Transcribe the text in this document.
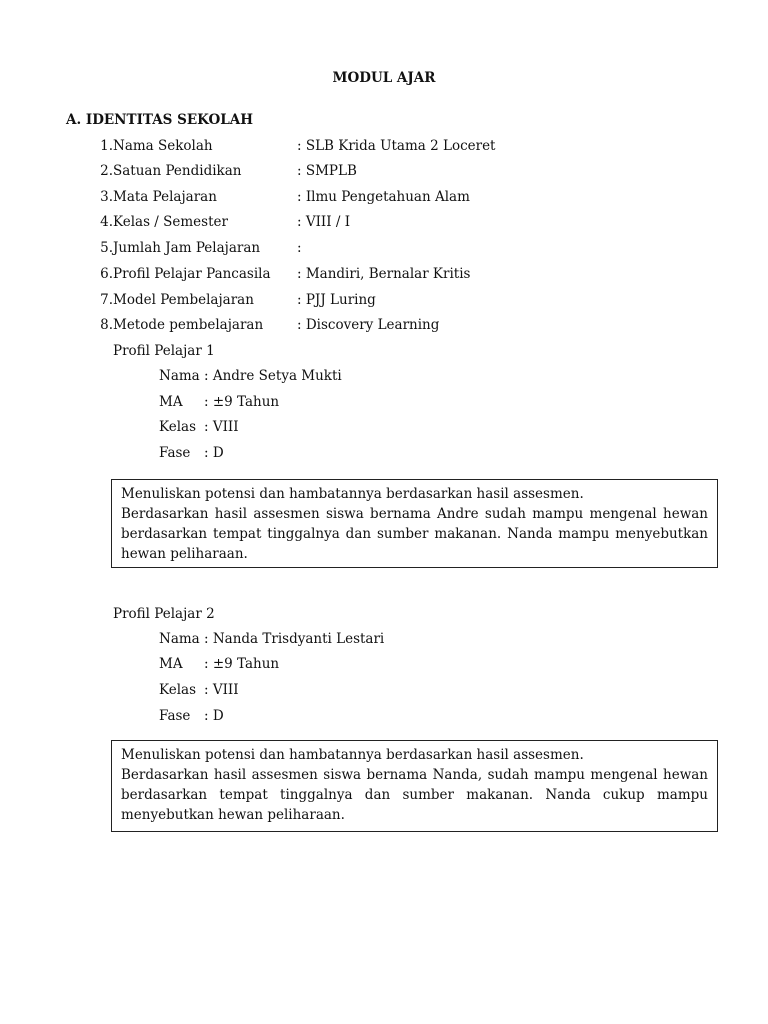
MODUL AJAR
A. IDENTITAS SEKOLAH
1. Nama Sekolah	: SLB Krida Utama 2 Loceret
2. Satuan Pendidikan	: SMPLB
3. Mata Pelajaran	: Ilmu Pengetahuan Alam
4. Kelas / Semester	: VIII / I
5. Jumlah Jam Pelajaran	:
6. Profil Pelajar Pancasila : Mandiri, Bernalar Kritis
7. Model Pembelajaran	: PJJ Luring
8. Metode pembelajaran	: Discovery Learning
Profil Pelajar 1
Nama : Andre Setya Mukti
MA : ±9 Tahun
Kelas : VIII
Fase : D
Menuliskan potensi dan hambatannya berdasarkan hasil assesmen.
Berdasarkan hasil assesmen siswa bernama Andre sudah mampu mengenal hewan berdasarkan tempat tinggalnya dan sumber makanan. Nanda mampu menyebutkan hewan peliharaan.
Profil Pelajar 2
Nama : Nanda Trisdyanti Lestari
MA : ±9 Tahun
Kelas : VIII
Fase : D
Menuliskan potensi dan hambatannya berdasarkan hasil assesmen.
Berdasarkan hasil assesmen siswa bernama Nanda, sudah mampu mengenal hewan berdasarkan tempat tinggalnya dan sumber makanan. Nanda cukup mampu menyebutkan hewan peliharaan.
